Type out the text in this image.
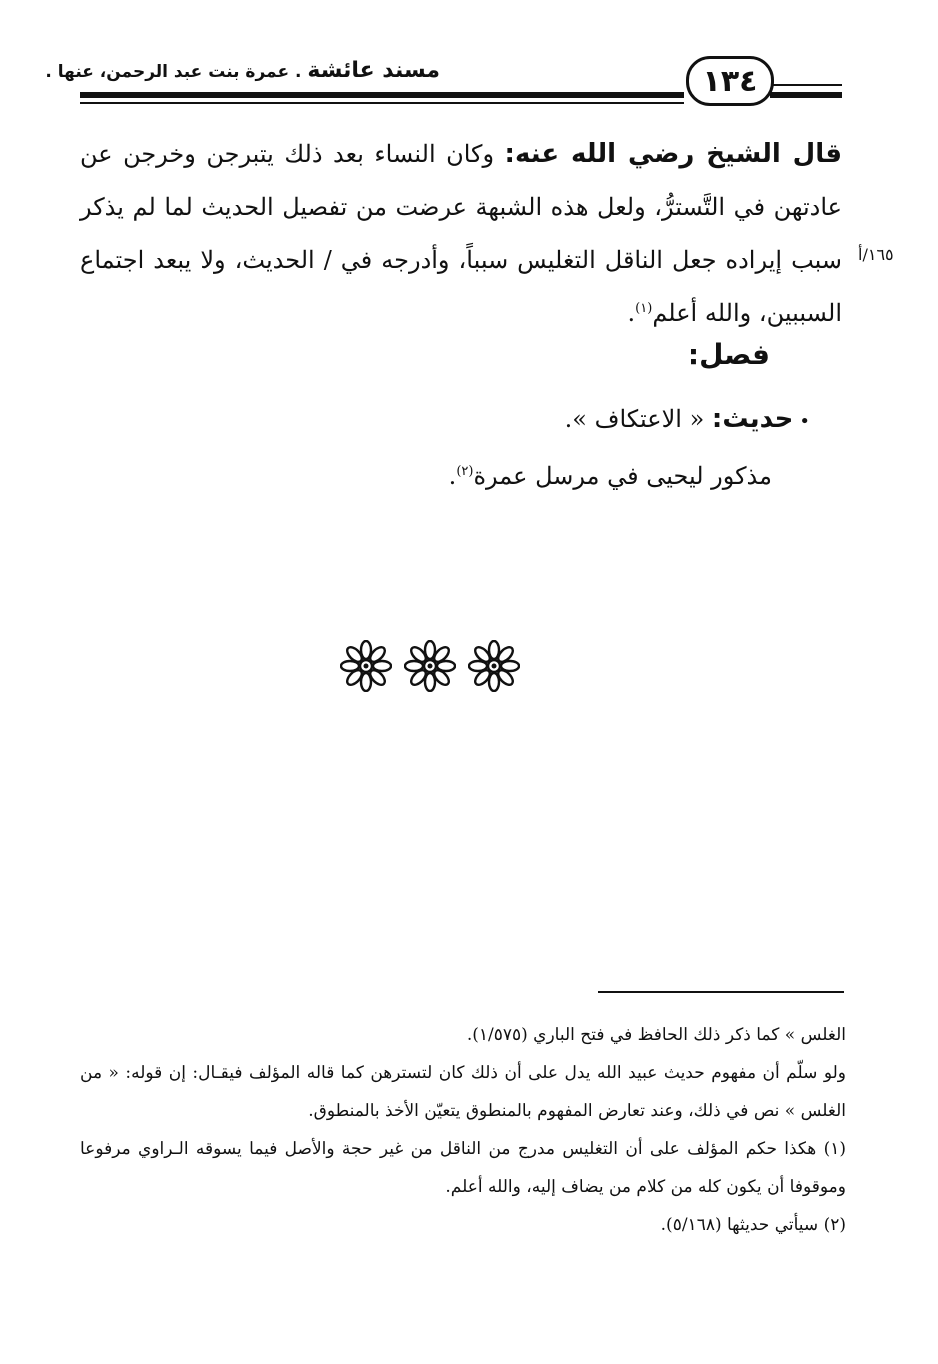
مسند عائشة . عمرة بنت عبد الرحمن، عنها .	١٣٤
قال الشيخ رضي الله عنه: وكان النساء بعد ذلك يتبرجن وخرجن عن عادتهن في التَّسترُّ، ولعل هذه الشبهة عرضت من تفصيل الحديث لما لم يذكر سبب إيراده جعل الناقل التغليس سبباً، وأدرجه في / الحديث، ولا يبعد اجتماع السببين، والله أعلم$^{(١)}$.
١٦٥/أ
فصل:
•حديث: « الاعتكاف ».
مذكور ليحيى في مرسل عمرة$^{(٢)}$.

الغلس » كما ذكر ذلك الحافظ في فتح الباري (١/٥٧٥).

ولو سلّم أن مفهوم حديث عبيد الله يدل على أن ذلك كان لتسترهن كما قاله المؤلف فيقـال: إن قوله: « من الغلس » نص في ذلك، وعند تعارض المفهوم بالمنطوق يتعيّن الأخذ بالمنطوق.

(١) هكذا حكم المؤلف على أن التغليس مدرج من الناقل من غير حجة والأصل فيما يسوقه الـراوي مرفوعا وموقوفا أن يكون كله من كلام من يضاف إليه، والله أعلم.

(٢) سيأتي حديثها (٥/١٦٨).
